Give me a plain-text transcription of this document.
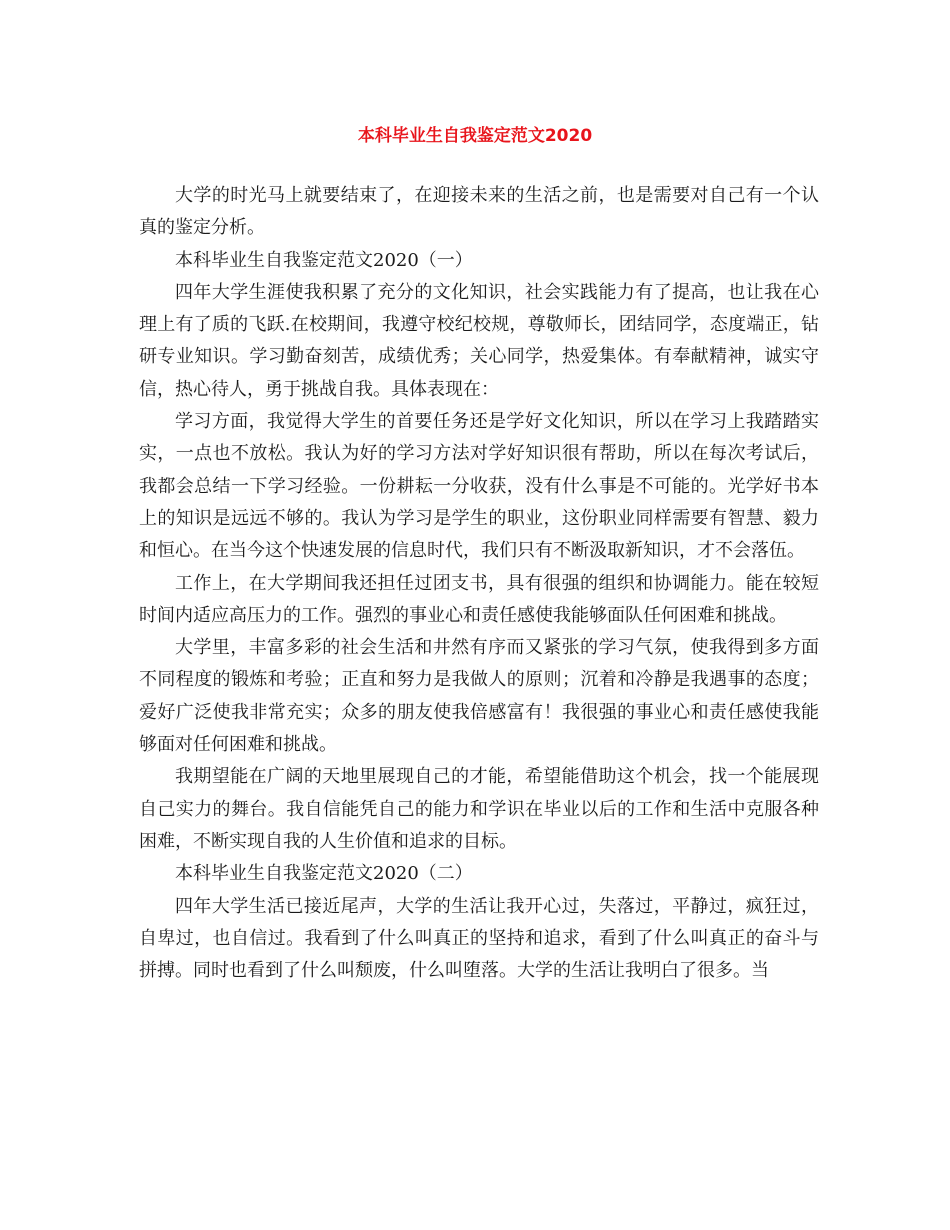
本科毕业生自我鉴定范文2020

大学的时光马上就要结束了，在迎接未来的生活之前，也是需要对自己有一个认真的鉴定分析。

本科毕业生自我鉴定范文2020（一）

四年大学生涯使我积累了充分的文化知识，社会实践能力有了提高，也让我在心理上有了质的飞跃.在校期间，我遵守校纪校规，尊敬师长，团结同学，态度端正，钻研专业知识。学习勤奋刻苦，成绩优秀；关心同学，热爱集体。有奉献精神，诚实守信，热心待人，勇于挑战自我。具体表现在：

学习方面，我觉得大学生的首要任务还是学好文化知识，所以在学习上我踏踏实实，一点也不放松。我认为好的学习方法对学好知识很有帮助，所以在每次考试后，我都会总结一下学习经验。一份耕耘一分收获，没有什么事是不可能的。光学好书本上的知识是远远不够的。我认为学习是学生的职业，这份职业同样需要有智慧、毅力和恒心。在当今这个快速发展的信息时代，我们只有不断汲取新知识，才不会落伍。

工作上，在大学期间我还担任过团支书，具有很强的组织和协调能力。能在较短时间内适应高压力的工作。强烈的事业心和责任感使我能够面队任何困难和挑战。

大学里，丰富多彩的社会生活和井然有序而又紧张的学习气氛，使我得到多方面不同程度的锻炼和考验；正直和努力是我做人的原则；沉着和冷静是我遇事的态度；爱好广泛使我非常充实；众多的朋友使我倍感富有！我很强的事业心和责任感使我能够面对任何困难和挑战。

我期望能在广阔的天地里展现自己的才能，希望能借助这个机会，找一个能展现自己实力的舞台。我自信能凭自己的能力和学识在毕业以后的工作和生活中克服各种困难，不断实现自我的人生价值和追求的目标。

本科毕业生自我鉴定范文2020（二）

四年大学生活已接近尾声，大学的生活让我开心过，失落过，平静过，疯狂过，自卑过，也自信过。我看到了什么叫真正的坚持和追求，看到了什么叫真正的奋斗与拼搏。同时也看到了什么叫颓废，什么叫堕落。大学的生活让我明白了很多。当
